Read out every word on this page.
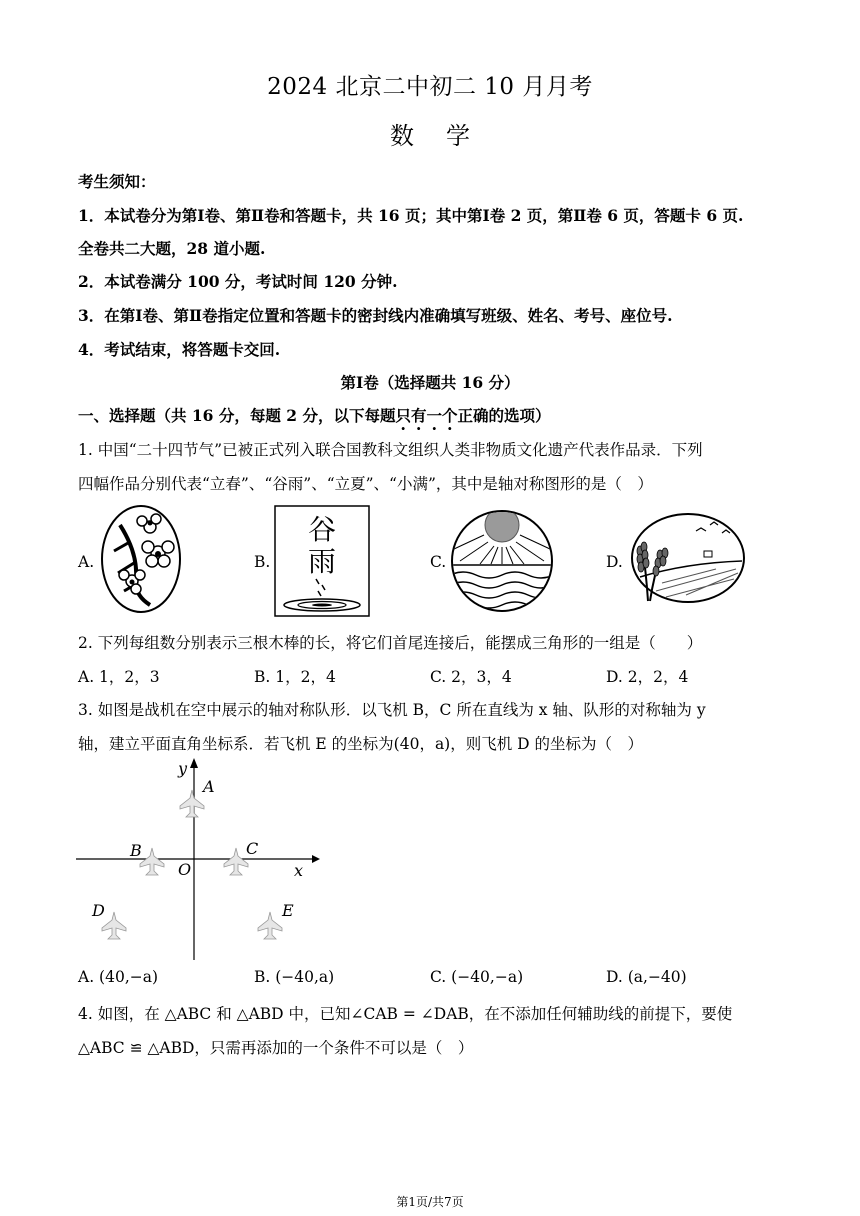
2024 北京二中初二 10 月月考
数学
考生须知：
1．本试卷分为第Ⅰ卷、第Ⅱ卷和答题卡，共 16 页；其中第Ⅰ卷 2 页，第Ⅱ卷 6 页，答题卡 6 页.
全卷共二大题，28 道小题.
2．本试卷满分 100 分，考试时间 120 分钟.
3．在第Ⅰ卷、第Ⅱ卷指定位置和答题卡的密封线内准确填写班级、姓名、考号、座位号.
4．考试结束，将答题卡交回.
第Ⅰ卷（选择题共 16 分）
一、选择题（共 16 分，每题 2 分，以下每题只有一个正确的选项）
1. 中国“二十四节气”已被正式列入联合国教科文组织人类非物质文化遗产代表作品录．下列
四幅作品分别代表“立春”、“谷雨”、“立夏”、“小满”，其中是轴对称图形的是（　）
A.	B.
谷
雨	C.	D.
2. 下列每组数分别表示三根木棒的长，将它们首尾连接后，能摆成三角形的一组是（　　）
A. 1，2，3	B. 1，2，4	C. 2，3，4	D. 2，2，4
3. 如图是战机在空中展示的轴对称队形．以飞机 B，C 所在直线为 x 轴、队形的对称轴为 y
轴，建立平面直角坐标系．若飞机 E 的坐标为(40，a)，则飞机 D 的坐标为（　）
y
x
O
A
B	C
D	E
A. (40,−a)	B. (−40,a)	C. (−40,−a)	D. (a,−40)
4. 如图，在 △ABC 和 △ABD 中，已知∠CAB = ∠DAB，在不添加任何辅助线的前提下，要使
△ABC ≌ △ABD，只需再添加的一个条件不可以是（　）
第1页/共7页
